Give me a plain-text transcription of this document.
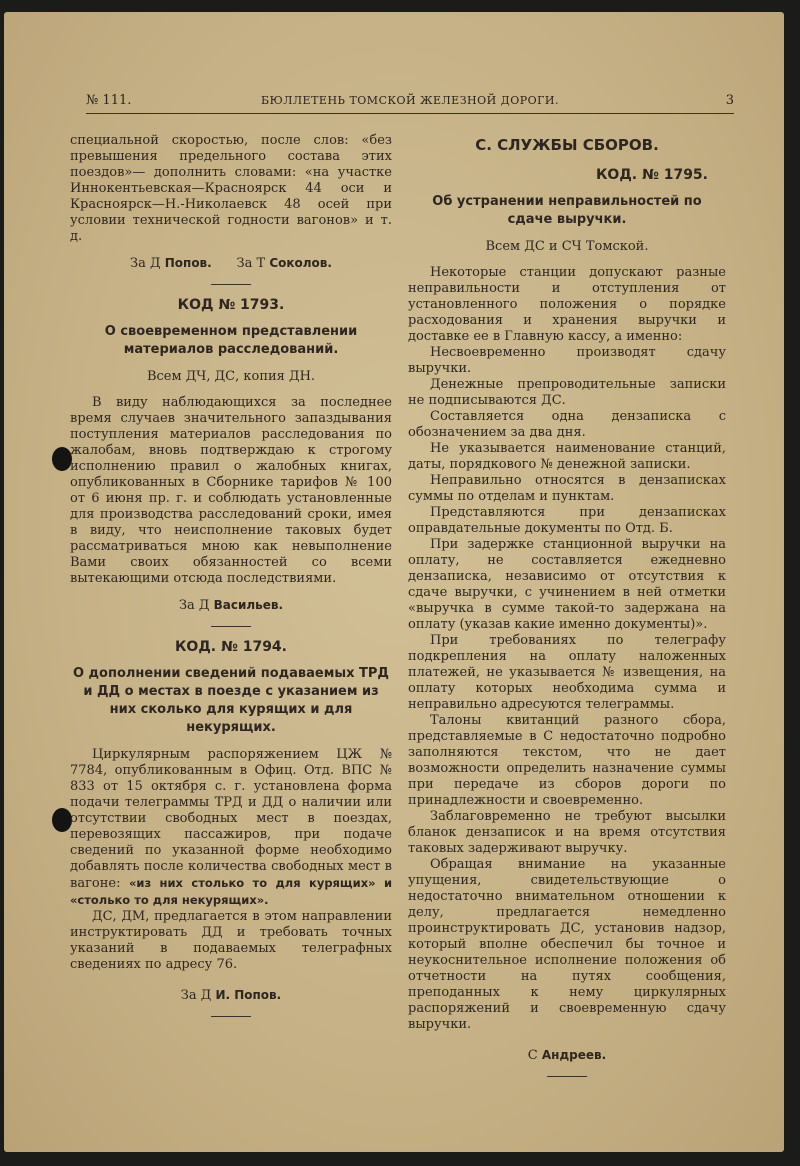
№ 111.	БЮЛЛЕТЕНЬ ТОМСКОЙ ЖЕЛЕЗНОЙ ДОРОГИ.	3

специальной скоростью, после слов: «без превышения предельного состава этих поездов»— дополнить словами: «на участке Иннокентьевская—Красноярск 44 оси и Красноярск—Н.-Николаевск 48 осей при условии технической годности вагонов» и т. д.

За Д Попов. За Т Соколов.
КОД № 1793.
О своевременном представлении материалов расследований.
Всем ДЧ, ДС, копия ДН.

В виду наблюдающихся за последнее время случаев значительного запаздывания поступления материалов расследования по жалобам, вновь подтверждаю к строгому исполнению правил о жалобных книгах, опубликованных в Сборнике тарифов № 100 от 6 июня пр. г. и соблюдать установленные для производства расследований сроки, имея в виду, что неисполнение таковых будет рассматриваться мною как невыполнение Вами своих обязанностей со всеми вытекающими отсюда последствиями.

За Д Васильев.
КОД. № 1794.
О дополнении сведений подаваемых ТРД и ДД о местах в поезде с указанием из них сколько для курящих и для некурящих.

Циркулярным распоряжением ЦЖ № 7784, опубликованным в Офиц. Отд. ВПС № 833 от 15 октября с. г. установлена форма подачи телеграммы ТРД и ДД о наличии или отсутствии свободных мест в поездах, перевозящих пассажиров, при подаче сведений по указанной форме необходимо добавлять после количества свободных мест в вагоне: «из них столько то для курящих» и «столько то для некурящих».

ДС, ДМ, предлагается в этом направлении инструктировать ДД и требовать точных указаний в подаваемых телеграфных сведениях по адресу 76.

За Д И. Попов.
С. СЛУЖБЫ СБОРОВ.
КОД. № 1795.
Об устранении неправильностей по сдаче выручки.
Всем ДС и СЧ Томской.

Некоторые станции допускают разные неправильности и отступления от установленного положения о порядке расходования и хранения выручки и доставке ее в Главную кассу, а именно:

Несвоевременно производят сдачу выручки.

Денежные препроводительные записки не подписываются ДС.

Составляется одна дензаписка с обозначением за два дня.

Не указывается наименование станций, даты, порядкового № денежной записки.

Неправильно относятся в дензаписках суммы по отделам и пунктам.

Представляются при дензаписках оправдательные документы по Отд. Б.

При задержке станционной выручки на оплату, не составляется ежедневно дензаписка, независимо от отсутствия к сдаче выручки, с учинением в ней отметки «выручка в сумме такой-то задержана на оплату (указав какие именно документы)».

При требованиях по телеграфу подкрепления на оплату наложенных платежей, не указывается № извещения, на оплату которых необходима сумма и неправильно адресуются телеграммы.

Талоны квитанций разного сбора, представляемые в С недостаточно подробно заполняются текстом, что не дает возможности определить назначение суммы при передаче из сборов дороги по принадлежности и своевременно.

Заблаговременно не требуют высылки бланок дензаписок и на время отсутствия таковых задерживают выручку.

Обращая внимание на указанные упущения, свидетельствующие о недостаточно внимательном отношении к делу, предлагается немедленно проинструктировать ДС, установив надзор, который вполне обеспечил бы точное и неукоснительное исполнение положения об отчетности на путях сообщения, преподанных к нему циркулярных распоряжений и своевременную сдачу выручки.

С Андреев.
